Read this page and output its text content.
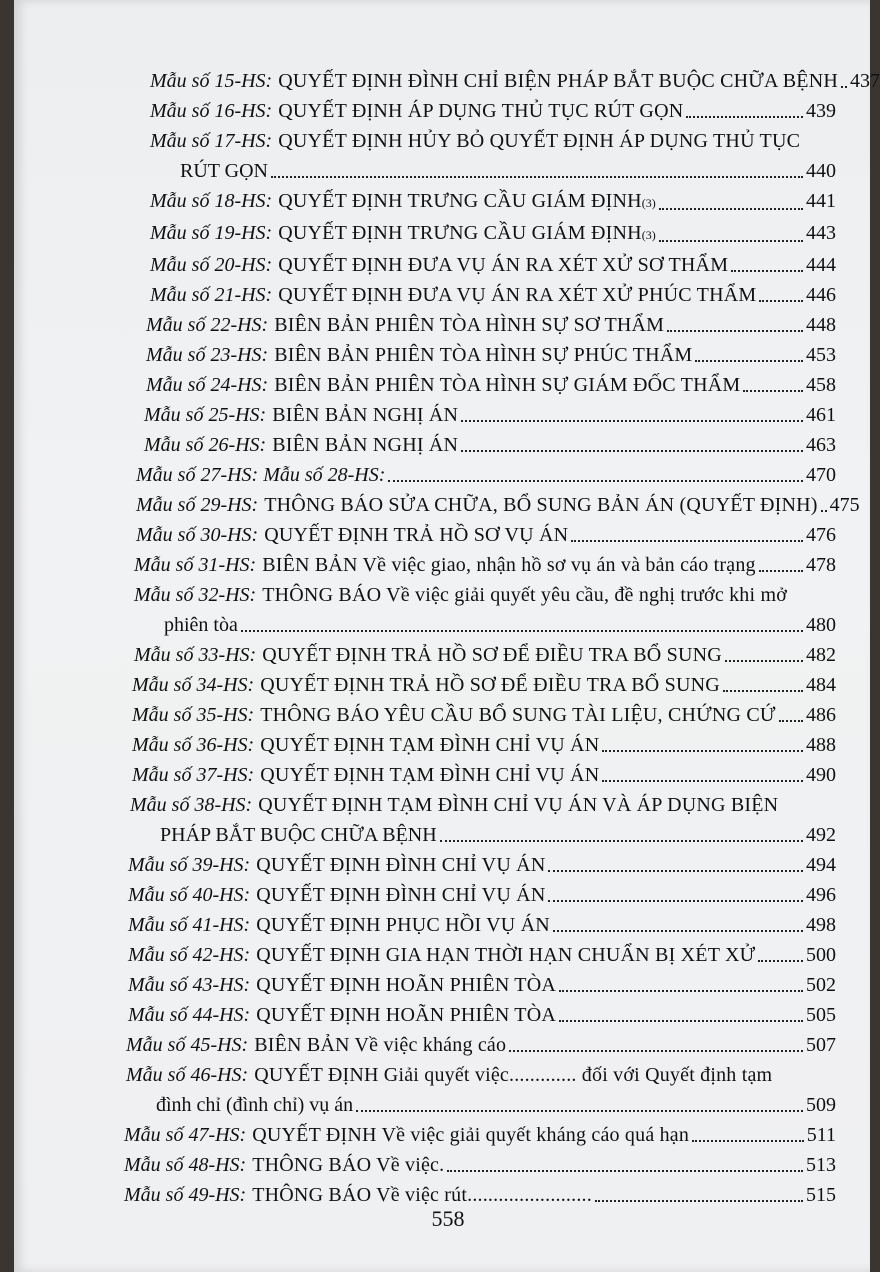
Mẫu số 15-HS: QUYẾT ĐỊNH ĐÌNH CHỈ BIỆN PHÁP BẮT BUỘC CHỮA BỆNH 437
Mẫu số 16-HS: QUYẾT ĐỊNH ÁP DỤNG THỦ TỤC RÚT GỌN	439
Mẫu số 17-HS: QUYẾT ĐỊNH HỦY BỎ QUYẾT ĐỊNH ÁP DỤNG THỦ TỤC
RÚT GỌN	440
Mẫu số 18-HS: QUYẾT ĐỊNH TRƯNG CẦU GIÁM ĐỊNH (3)	441
Mẫu số 19-HS: QUYẾT ĐỊNH TRƯNG CẦU GIÁM ĐỊNH (3)	443
Mẫu số 20-HS: QUYẾT ĐỊNH ĐƯA VỤ ÁN RA XÉT XỬ SƠ THẨM	444
Mẫu số 21-HS: QUYẾT ĐỊNH ĐƯA VỤ ÁN RA XÉT XỬ PHÚC THẨM 446
Mẫu số 22-HS: BIÊN BẢN PHIÊN TÒA HÌNH SỰ SƠ THẨM	448
Mẫu số 23-HS: BIÊN BẢN PHIÊN TÒA HÌNH SỰ PHÚC THẨM	453
Mẫu số 24-HS: BIÊN BẢN PHIÊN TÒA HÌNH SỰ GIÁM ĐỐC THẨM	458
Mẫu số 25-HS: BIÊN BẢN NGHỊ ÁN	461
Mẫu số 26-HS: BIÊN BẢN NGHỊ ÁN	463
Mẫu số 27-HS: Mẫu số 28-HS:	470
Mẫu số 29-HS: THÔNG BÁO SỬA CHỮA, BỔ SUNG BẢN ÁN (QUYẾT ĐỊNH) 475
Mẫu số 30-HS: QUYẾT ĐỊNH TRẢ HỒ SƠ VỤ ÁN	476
Mẫu số 31-HS: BIÊN BẢN Về việc giao, nhận hồ sơ vụ án và bản cáo trạng	478
Mẫu số 32-HS: THÔNG BÁO Về việc giải quyết yêu cầu, đề nghị trước khi mở
phiên tòa	480
Mẫu số 33-HS: QUYẾT ĐỊNH TRẢ HỒ SƠ ĐỂ ĐIỀU TRA BỔ SUNG	482
Mẫu số 34-HS: QUYẾT ĐỊNH TRẢ HỒ SƠ ĐỂ ĐIỀU TRA BỔ SUNG	484
Mẫu số 35-HS: THÔNG BÁO YÊU CẦU BỔ SUNG TÀI LIỆU, CHỨNG CỨ 486
Mẫu số 36-HS: QUYẾT ĐỊNH TẠM ĐÌNH CHỈ VỤ ÁN	488
Mẫu số 37-HS: QUYẾT ĐỊNH TẠM ĐÌNH CHỈ VỤ ÁN	490
Mẫu số 38-HS: QUYẾT ĐỊNH TẠM ĐÌNH CHỈ VỤ ÁN VÀ ÁP DỤNG BIỆN
PHÁP BẮT BUỘC CHỮA BỆNH	492
Mẫu số 39-HS: QUYẾT ĐỊNH ĐÌNH CHỈ VỤ ÁN	494
Mẫu số 40-HS: QUYẾT ĐỊNH ĐÌNH CHỈ VỤ ÁN	496
Mẫu số 41-HS: QUYẾT ĐỊNH PHỤC HỒI VỤ ÁN	498
Mẫu số 42-HS: QUYẾT ĐỊNH GIA HẠN THỜI HẠN CHUẨN BỊ XÉT XỬ	500
Mẫu số 43-HS: QUYẾT ĐỊNH HOÃN PHIÊN TÒA	502
Mẫu số 44-HS: QUYẾT ĐỊNH HOÃN PHIÊN TÒA	505
Mẫu số 45-HS: BIÊN BẢN Về việc kháng cáo	507
Mẫu số 46-HS: QUYẾT ĐỊNH Giải quyết việc............. đối với Quyết định tạm
đình chỉ (đình chỉ) vụ án	509
Mẫu số 47-HS: QUYẾT ĐỊNH Về việc giải quyết kháng cáo quá hạn	511
Mẫu số 48-HS: THÔNG BÁO Về việc.	513
Mẫu số 49-HS: THÔNG BÁO Về việc rút........................	515
558
